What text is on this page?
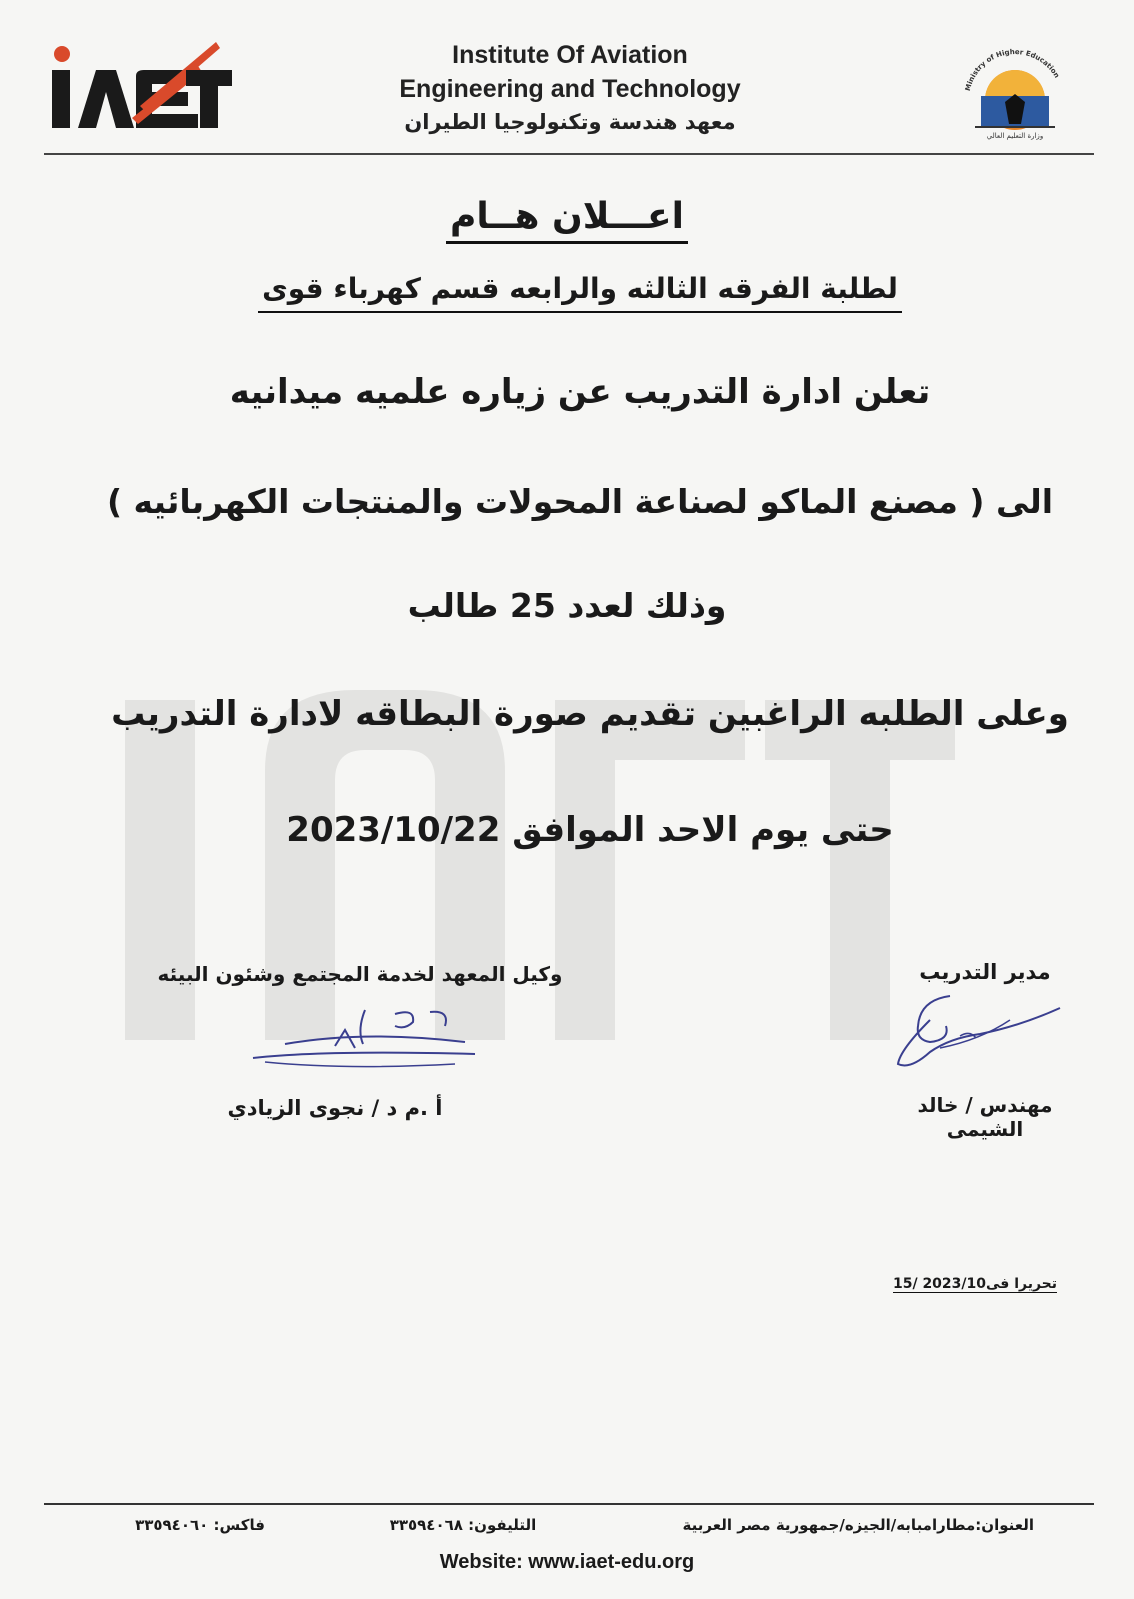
Institute Of Aviation
Engineering and Technology
معهد هندسة وتكنولوجيا الطيران
Ministry of Higher Education
وزارة التعليم العالي
اعـــلان هــام
لطلبة الفرقه الثالثه والرابعه قسم كهرباء قوى
تعلن ادارة التدريب عن زياره علميه ميدانيه
الى ( مصنع الماكو لصناعة المحولات والمنتجات الكهربائيه )
وذلك لعدد 25 طالب
وعلى الطلبه الراغبين تقديم صورة البطاقه لادارة التدريب
حتى يوم الاحد الموافق 2023/10/22
وكيل المعهد لخدمة المجتمع وشئون البيئه
أ .م د / نجوى الزيادي
مدير التدريب
مهندس / خالد الشيمى
تحريرا فى2023/10 /15
العنوان:مطارامبابه/الجيزه/جمهورية مصر العربية
التليفون: ٣٣٥٩٤٠٦٨
فاكس: ٣٣٥٩٤٠٦٠
Website: www.iaet-edu.org
